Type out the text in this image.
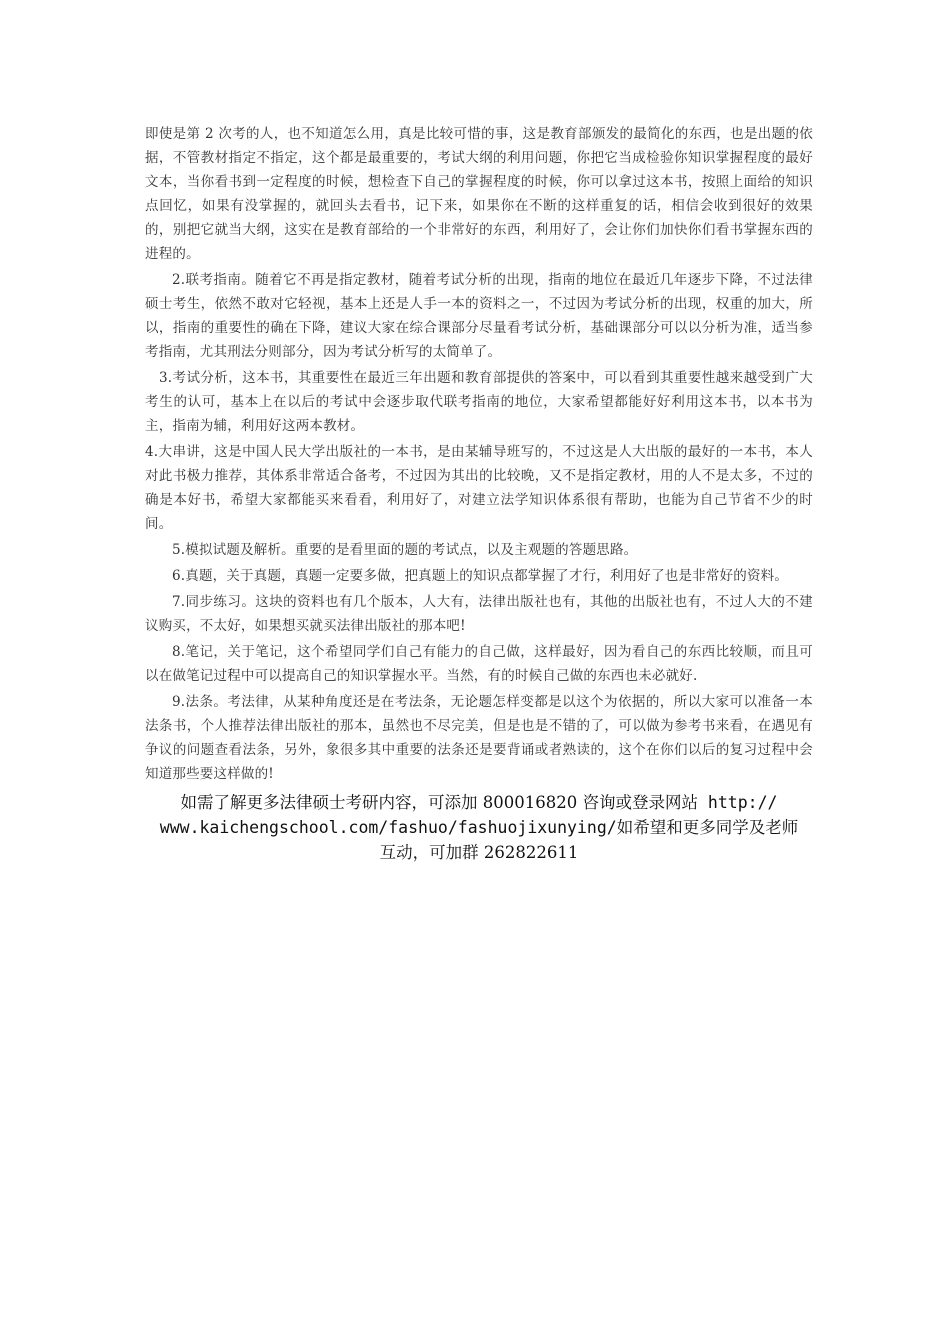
即使是第 2 次考的人，也不知道怎么用，真是比较可惜的事，这是教育部颁发的最简化的东西，也是出题的依据，不管教材指定不指定，这个都是最重要的，考试大纲的利用问题，你把它当成检验你知识掌握程度的最好文本，当你看书到一定程度的时候，想检查下自己的掌握程度的时候，你可以拿过这本书，按照上面给的知识点回忆，如果有没掌握的，就回头去看书，记下来，如果你在不断的这样重复的话，相信会收到很好的效果的，别把它就当大纲，这实在是教育部给的一个非常好的东西，利用好了，会让你们加快你们看书掌握东西的进程的。

2.联考指南。随着它不再是指定教材，随着考试分析的出现，指南的地位在最近几年逐步下降，不过法律硕士考生，依然不敢对它轻视，基本上还是人手一本的资料之一，不过因为考试分析的出现，权重的加大，所以，指南的重要性的确在下降，建议大家在综合课部分尽量看考试分析，基础课部分可以以分析为准，适当参考指南，尤其刑法分则部分，因为考试分析写的太简单了。

3.考试分析，这本书，其重要性在最近三年出题和教育部提供的答案中，可以看到其重要性越来越受到广大考生的认可，基本上在以后的考试中会逐步取代联考指南的地位，大家希望都能好好利用这本书，以本书为主，指南为辅，利用好这两本教材。

4.大串讲，这是中国人民大学出版社的一本书，是由某辅导班写的，不过这是人大出版的最好的一本书，本人对此书极力推荐，其体系非常适合备考，不过因为其出的比较晚，又不是指定教材，用的人不是太多，不过的确是本好书，希望大家都能买来看看，利用好了，对建立法学知识体系很有帮助，也能为自己节省不少的时间。

5.模拟试题及解析。重要的是看里面的题的考试点，以及主观题的答题思路。

6.真题，关于真题，真题一定要多做，把真题上的知识点都掌握了才行，利用好了也是非常好的资料。

7.同步练习。这块的资料也有几个版本，人大有，法律出版社也有，其他的出版社也有，不过人大的不建议购买，不太好，如果想买就买法律出版社的那本吧!

8.笔记，关于笔记，这个希望同学们自己有能力的自己做，这样最好，因为看自己的东西比较顺，而且可以在做笔记过程中可以提高自己的知识掌握水平。当然，有的时候自己做的东西也未必就好.

9.法条。考法律，从某种角度还是在考法条，无论题怎样变都是以这个为依据的，所以大家可以准备一本法条书，个人推荐法律出版社的那本，虽然也不尽完美，但是也是不错的了，可以做为参考书来看，在遇见有争议的问题查看法条，另外，象很多其中重要的法条还是要背诵或者熟读的，这个在你们以后的复习过程中会知道那些要这样做的!

如需了解更多法律硕士考研内容，可添加 800016820 咨询或登录网站 http://
www.kaichengschool.com/fashuo/fashuojixunying/如希望和更多同学及老师
互动，可加群 262822611
